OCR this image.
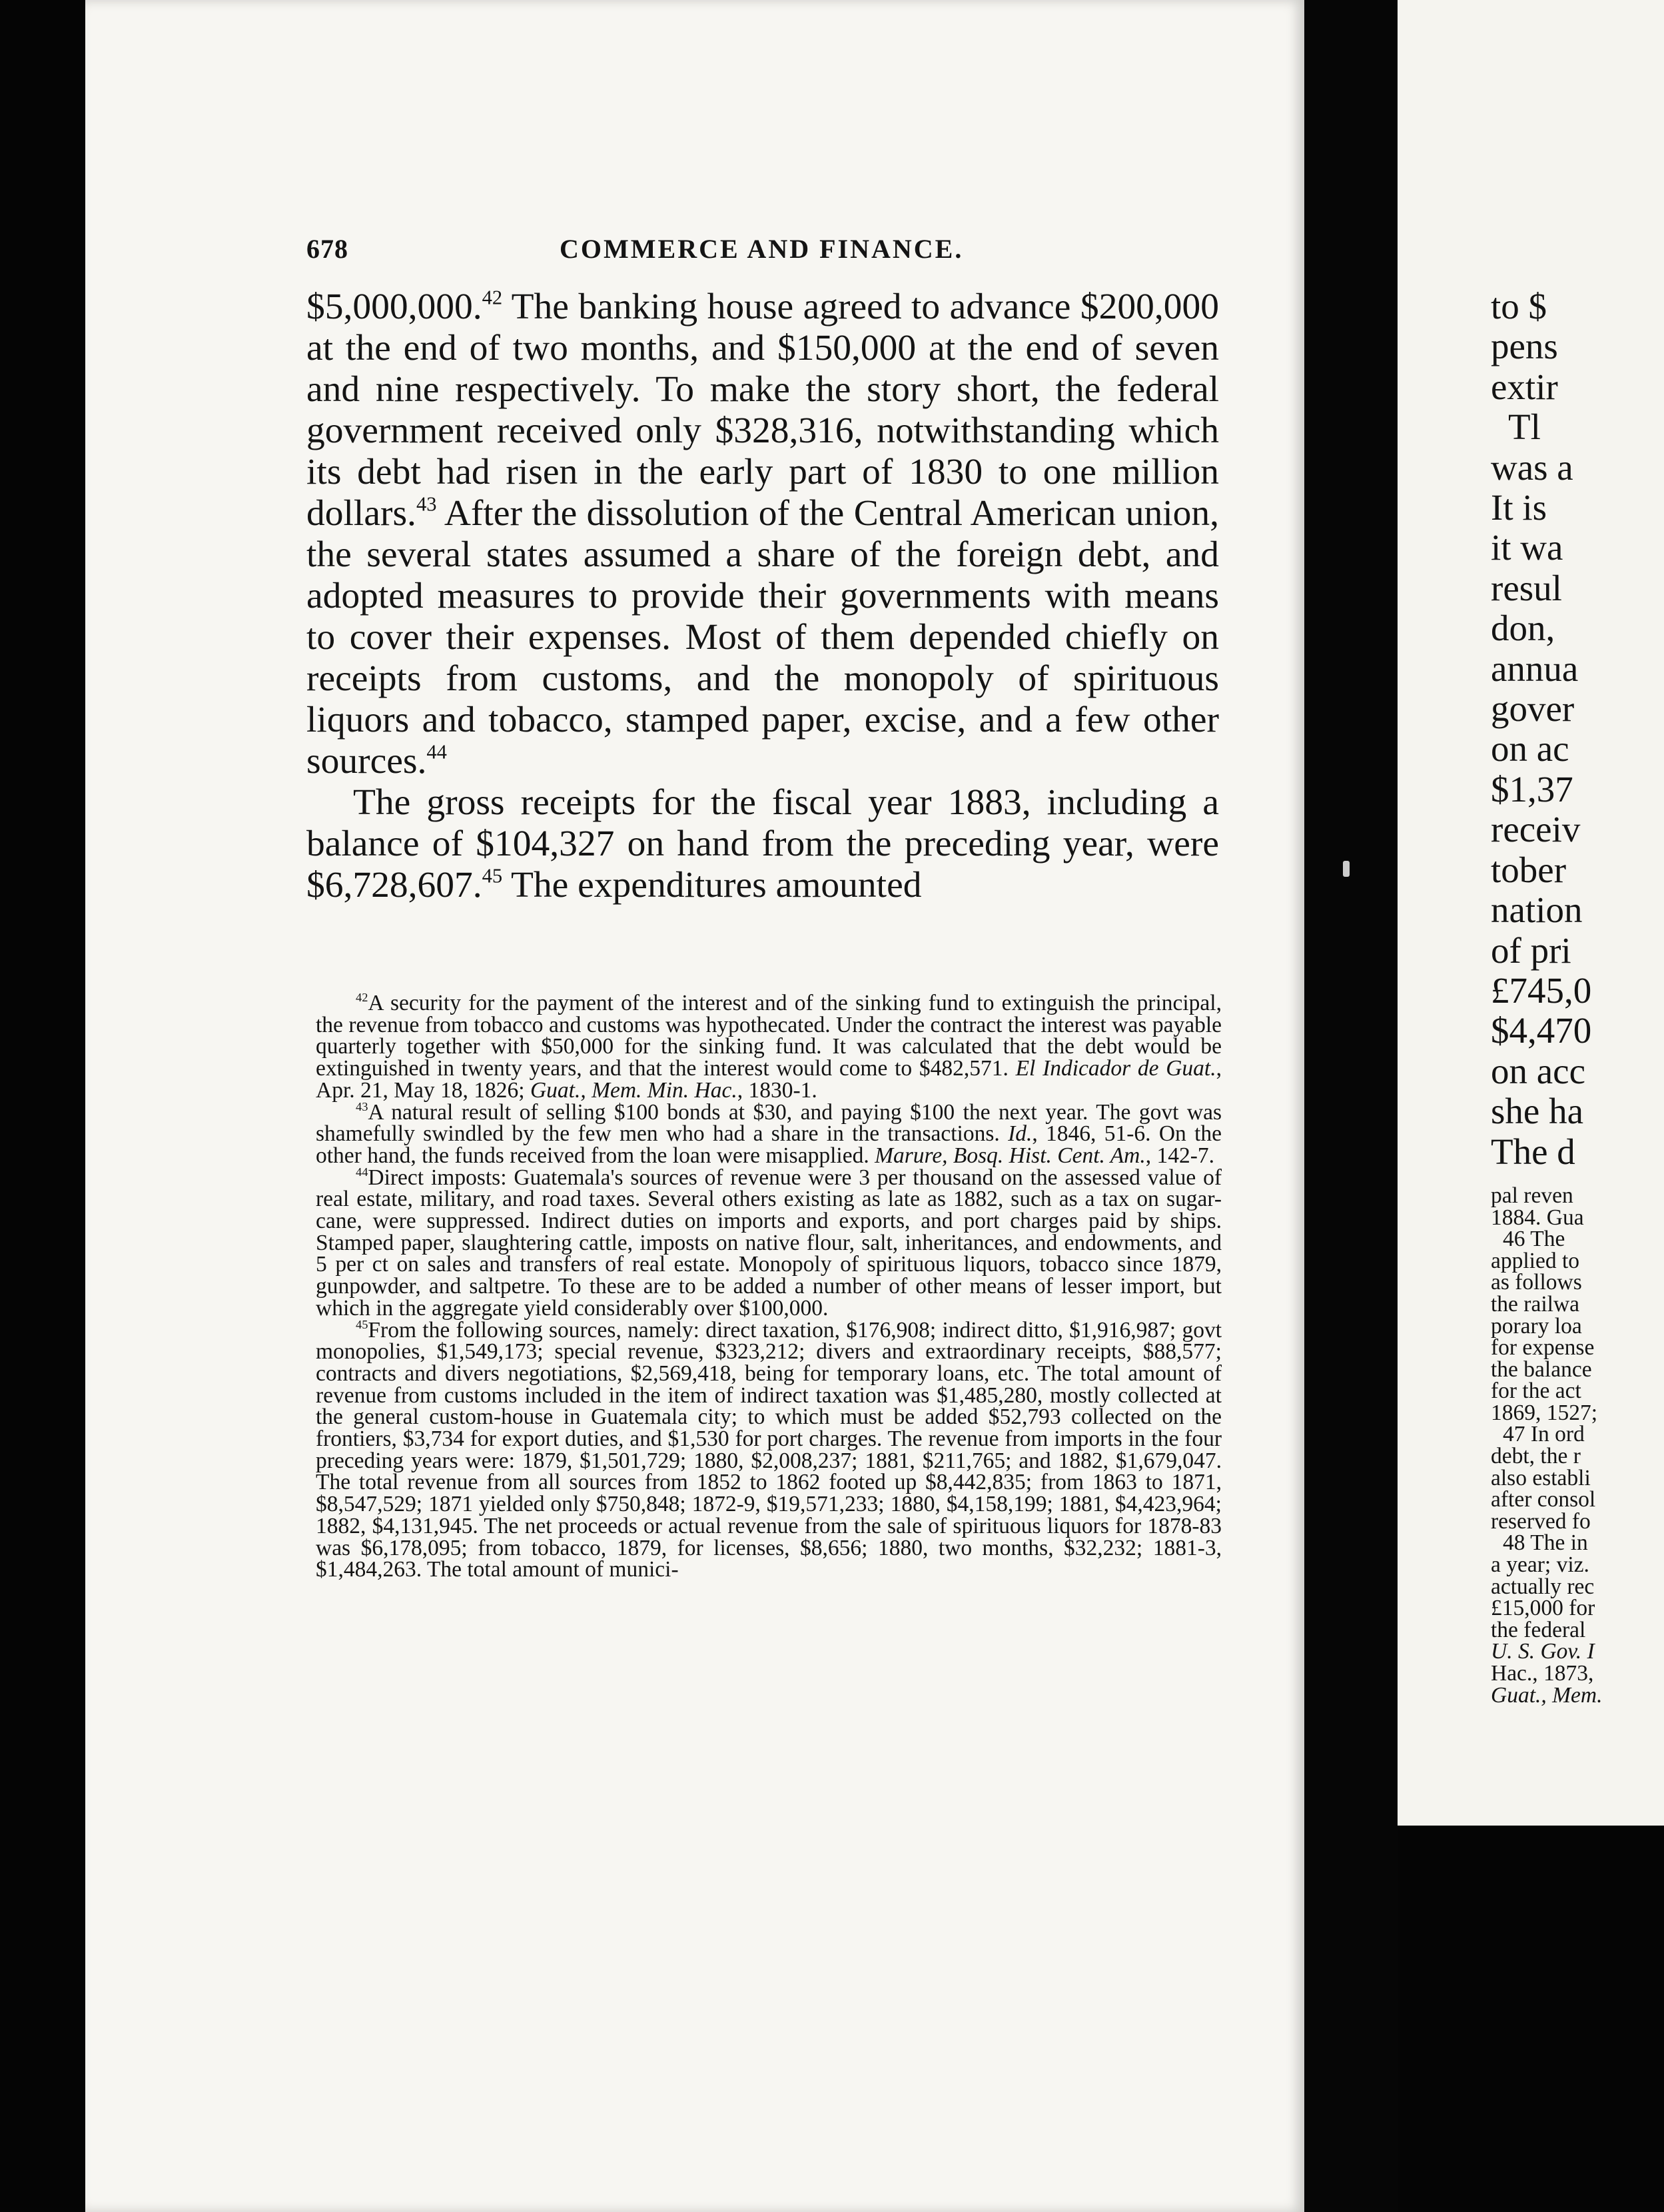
678	COMMERCE AND FINANCE.

$5,000,000.42 The banking house agreed to advance $200,000 at the end of two months, and $150,000 at the end of seven and nine respectively. To make the story short, the federal government received only $328,316, notwithstanding which its debt had risen in the early part of 1830 to one million dollars.$^{43}$ After the dissolution of the Central American union, the several states assumed a share of the foreign debt, and adopted measures to provide their governments with means to cover their expenses. Most of them depended chiefly on receipts from customs, and the monopoly of spirituous liquors and tobacco, stamped paper, excise, and a few other sources.$^{44}$

The gross receipts for the fiscal year 1883, including a balance of $104,327 on hand from the preceding year, were $6,728,607.45 The expenditures amounted

$^{42}$A security for the payment of the interest and of the sinking fund to extinguish the principal, the revenue from tobacco and customs was hypothecated. Under the contract the interest was payable quarterly together with $50,000 for the sinking fund. It was calculated that the debt would be extinguished in twenty years, and that the interest would come to $482,571. El Indicador de Guat., Apr. 21, May 18, 1826; Guat., Mem. Min. Hac., 1830-1.

$^{43}$A natural result of selling $100 bonds at $30, and paying $100 the next year. The govt was shamefully swindled by the few men who had a share in the transactions. Id., 1846, 51-6. On the other hand, the funds received from the loan were misapplied. Marure, Bosq. Hist. Cent. Am., 142-7.

$^{44}$Direct imposts: Guatemala's sources of revenue were 3 per thousand on the assessed value of real estate, military, and road taxes. Several others existing as late as 1882, such as a tax on sugar-cane, were suppressed. Indirect duties on imports and exports, and port charges paid by ships. Stamped paper, slaughtering cattle, imposts on native flour, salt, inheritances, and endowments, and 5 per ct on sales and transfers of real estate. Monopoly of spirituous liquors, tobacco since 1879, gunpowder, and saltpetre. To these are to be added a number of other means of lesser import, but which in the aggregate yield considerably over $100,000.

$^{45}$From the following sources, namely: direct taxation, $176,908; indirect ditto, $1,916,987; govt monopolies, $1,549,173; special revenue, $323,212; divers and extraordinary receipts, $88,577; contracts and divers negotiations, $2,569,418, being for temporary loans, etc. The total amount of revenue from customs included in the item of indirect taxation was $1,485,280, mostly collected at the general custom-house in Guatemala city; to which must be added $52,793 collected on the frontiers, $3,734 for export duties, and $1,530 for port charges. The revenue from imports in the four preceding years were: 1879, $1,501,729; 1880, $2,008,237; 1881, $211,765; and 1882, $1,679,047. The total revenue from all sources from 1852 to 1862 footed up $8,442,835; from 1863 to 1871, $8,547,529; 1871 yielded only $750,848; 1872-9, $19,571,233; 1880, $4,158,199; 1881, $4,423,964; 1882, $4,131,945. The net proceeds or actual revenue from the sale of spirituous liquors for 1878-83 was $6,178,095; from tobacco, 1879, for licenses, $8,656; 1880, two months, $32,232; 1881-3, $1,484,263. The total amount of munici-

to $
pens
extir
Tl
was a
It is
it wa
resul
don,
annua
gover
on ac
$1,37
receiv
tober
nation
of pri
£745,0
$4,470
on acc
she ha
The d
pal reven
1884. Gua
46 The
applied to
as follows
the railwa
porary loa
for expense
the balance
for the act
1869, 1527;
47 In ord
debt, the r
also establi
after consol
reserved fo
48 The in
a year; viz.
actually rec
£15,000 for
the federal
U. S. Gov. I
Hac., 1873,
Guat., Mem.
